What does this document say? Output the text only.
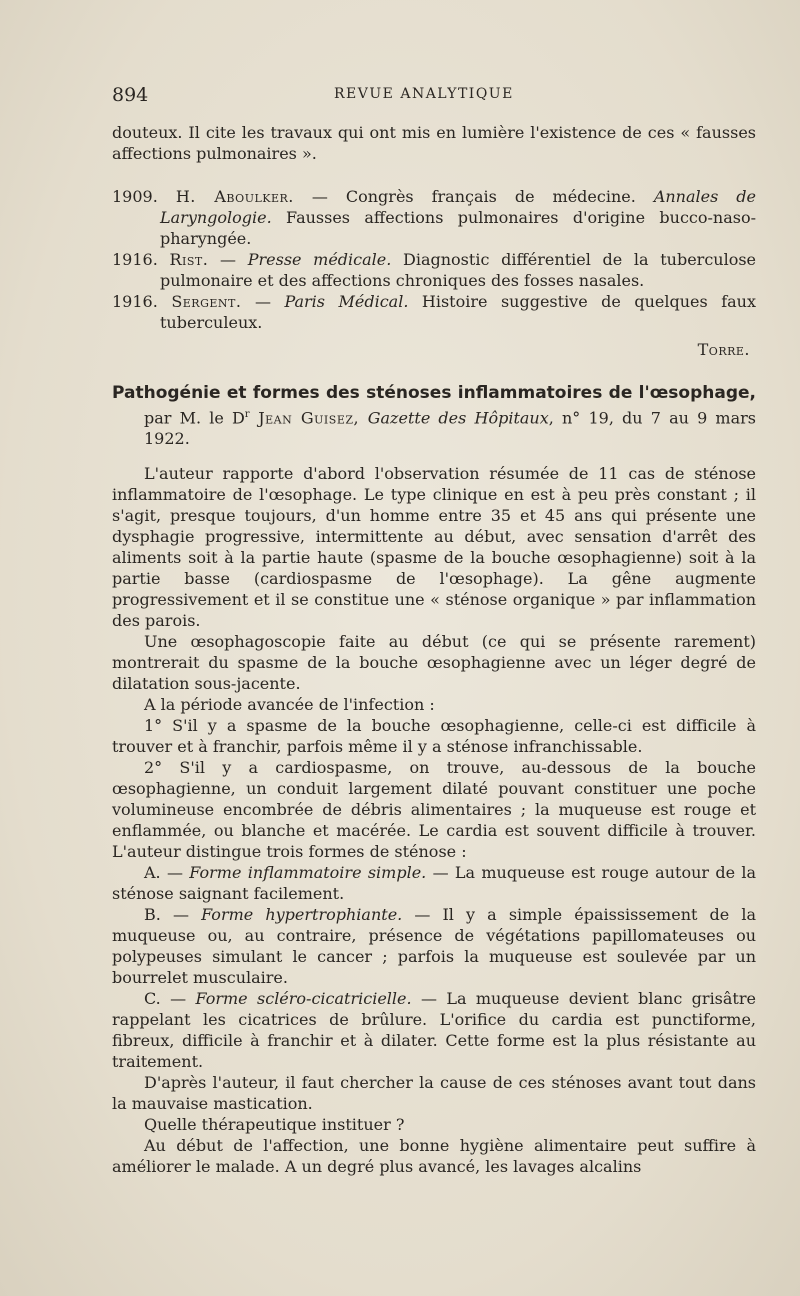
894	REVUE ANALYTIQUE

douteux. Il cite les travaux qui ont mis en lumière l'existence de ces « fausses affections pulmonaires ».

1909. H. Aboulker. — Congrès français de médecine. Annales de Laryngologie. Fausses affections pulmonaires d'origine bucco-naso-pharyngée.

1916. Rist. — Presse médicale. Diagnostic différentiel de la tuberculose pulmonaire et des affections chroniques des fosses nasales.

1916. Sergent. — Paris Médical. Histoire suggestive de quelques faux tuberculeux.

Torre.

Pathogénie et formes des sténoses inflammatoires de l'œsophage, par M. le $D^r$ Jean Guisez, Gazette des Hôpitaux, n° 19, du 7 au 9 mars 1922.

L'auteur rapporte d'abord l'observation résumée de 11 cas de sténose inflammatoire de l'œsophage. Le type clinique en est à peu près constant ; il s'agit, presque toujours, d'un homme entre 35 et 45 ans qui présente une dysphagie progressive, intermittente au début, avec sensation d'arrêt des aliments soit à la partie haute (spasme de la bouche œsophagienne) soit à la partie basse (cardiospasme de l'œsophage). La gêne augmente progressivement et il se constitue une « sténose organique » par inflammation des parois.

Une œsophagoscopie faite au début (ce qui se présente rarement) montrerait du spasme de la bouche œsophagienne avec un léger degré de dilatation sous-jacente.

A la période avancée de l'infection :

1° S'il y a spasme de la bouche œsophagienne, celle-ci est difficile à trouver et à franchir, parfois même il y a sténose infranchissable.

2° S'il y a cardiospasme, on trouve, au-dessous de la bouche œsophagienne, un conduit largement dilaté pouvant constituer une poche volumineuse encombrée de débris alimentaires ; la muqueuse est rouge et enflammée, ou blanche et macérée. Le cardia est souvent difficile à trouver. L'auteur distingue trois formes de sténose :

A. — Forme inflammatoire simple. — La muqueuse est rouge autour de la sténose saignant facilement.

B. — Forme hypertrophiante. — Il y a simple épaississement de la muqueuse ou, au contraire, présence de végétations papillomateuses ou polypeuses simulant le cancer ; parfois la muqueuse est soulevée par un bourrelet musculaire.

C. — Forme scléro-cicatricielle. — La muqueuse devient blanc grisâtre rappelant les cicatrices de brûlure. L'orifice du cardia est punctiforme, fibreux, difficile à franchir et à dilater. Cette forme est la plus résistante au traitement.

D'après l'auteur, il faut chercher la cause de ces sténoses avant tout dans la mauvaise mastication.

Quelle thérapeutique instituer ?

Au début de l'affection, une bonne hygiène alimentaire peut suffire à améliorer le malade. A un degré plus avancé, les lavages alcalins
